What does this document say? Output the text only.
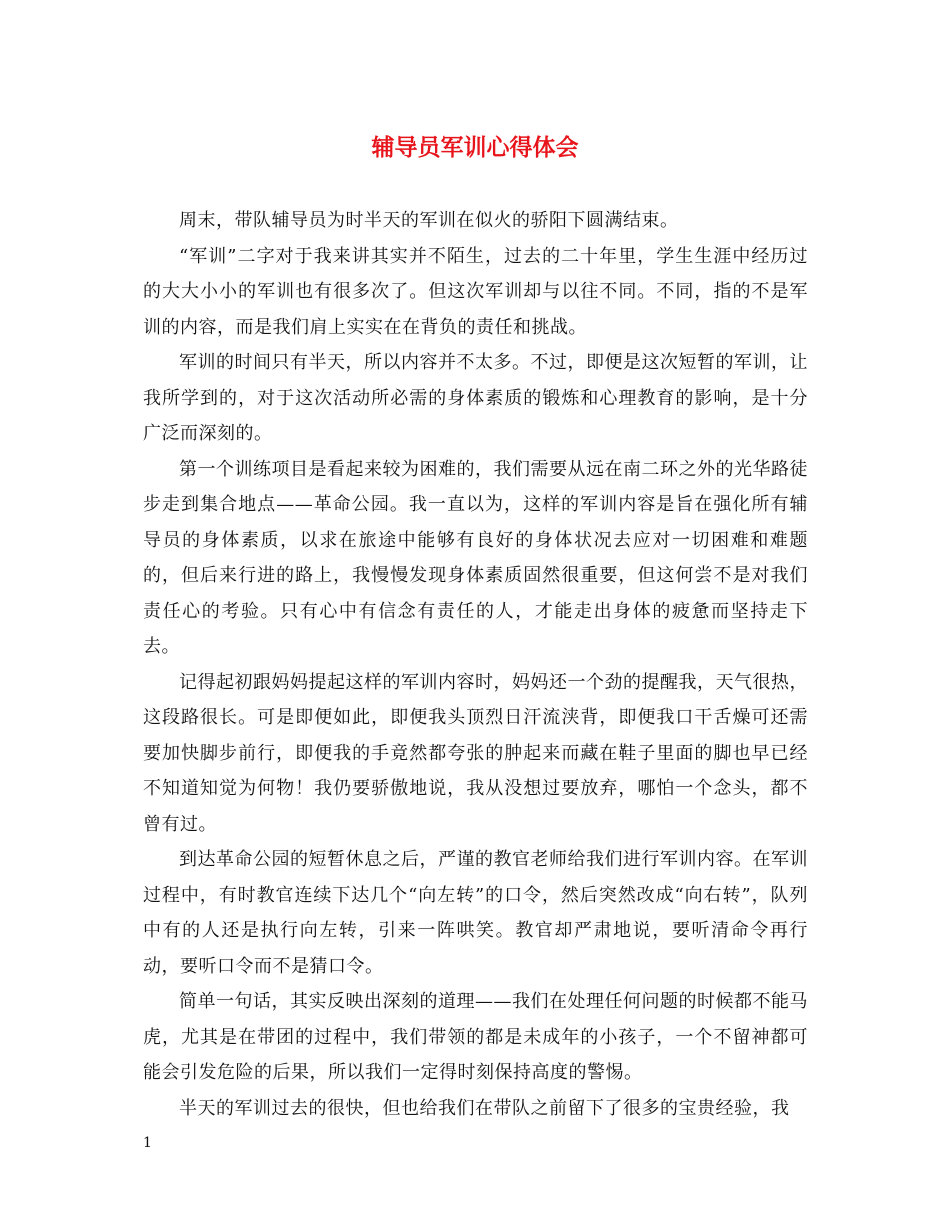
辅导员军训心得体会

周末，带队辅导员为时半天的军训在似火的骄阳下圆满结束。

“军训”二字对于我来讲其实并不陌生，过去的二十年里，学生生涯中经历过的大大小小的军训也有很多次了。但这次军训却与以往不同。不同，指的不是军训的内容，而是我们肩上实实在在背负的责任和挑战。

军训的时间只有半天，所以内容并不太多。不过，即便是这次短暂的军训，让我所学到的，对于这次活动所必需的身体素质的锻炼和心理教育的影响，是十分广泛而深刻的。

第一个训练项目是看起来较为困难的，我们需要从远在南二环之外的光华路徒步走到集合地点——革命公园。我一直以为，这样的军训内容是旨在强化所有辅导员的身体素质，以求在旅途中能够有良好的身体状况去应对一切困难和难题的，但后来行进的路上，我慢慢发现身体素质固然很重要，但这何尝不是对我们责任心的考验。只有心中有信念有责任的人，才能走出身体的疲惫而坚持走下去。

记得起初跟妈妈提起这样的军训内容时，妈妈还一个劲的提醒我，天气很热，这段路很长。可是即便如此，即便我头顶烈日汗流浃背，即便我口干舌燥可还需要加快脚步前行，即便我的手竟然都夸张的肿起来而藏在鞋子里面的脚也早已经不知道知觉为何物！我仍要骄傲地说，我从没想过要放弃，哪怕一个念头，都不曾有过。

到达革命公园的短暂休息之后，严谨的教官老师给我们进行军训内容。在军训过程中，有时教官连续下达几个“向左转”的口令，然后突然改成“向右转”，队列中有的人还是执行向左转，引来一阵哄笑。教官却严肃地说，要听清命令再行动，要听口令而不是猜口令。

简单一句话，其实反映出深刻的道理——我们在处理任何问题的时候都不能马虎，尤其是在带团的过程中，我们带领的都是未成年的小孩子，一个不留神都可能会引发危险的后果，所以我们一定得时刻保持高度的警惕。

半天的军训过去的很快，但也给我们在带队之前留下了很多的宝贵经验，我

1
